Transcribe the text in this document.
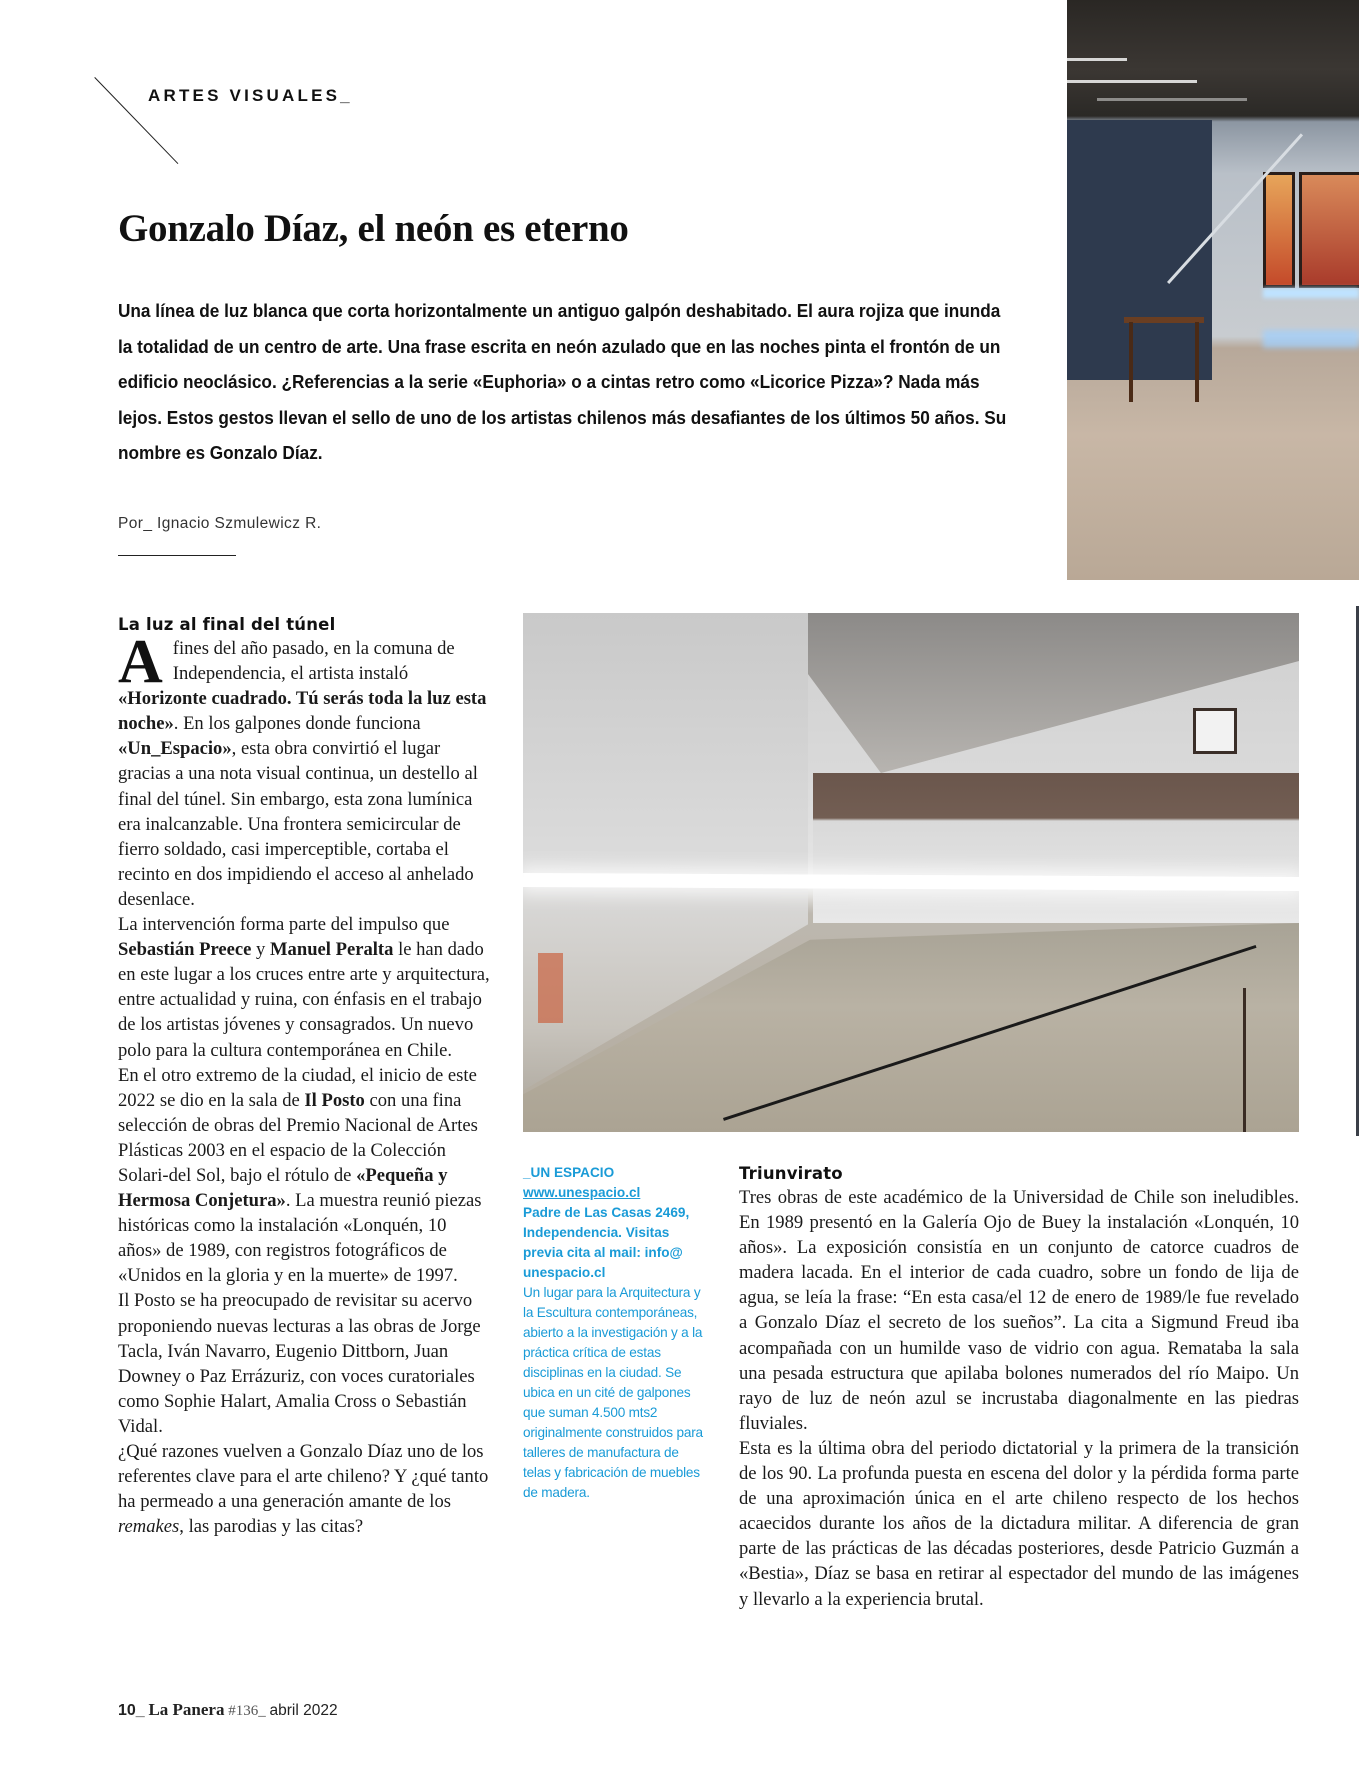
ARTES VISUALES_
Gonzalo Díaz, el neón es eterno
Una línea de luz blanca que corta horizontalmente un antiguo galpón deshabitado. El aura rojiza que inunda la totalidad de un centro de arte. Una frase escrita en neón azulado que en las noches pinta el frontón de un edificio neoclásico. ¿Referencias a la serie «Euphoria» o a cintas retro como «Licorice Pizza»? Nada más lejos. Estos gestos llevan el sello de uno de los artistas chilenos más desafiantes de los últimos 50 años. Su nombre es Gonzalo Díaz.
Por_ Ignacio Szmulewicz R.
La luz al final del túnel

A fines del año pasado, en la comuna de Independencia, el artista instaló «Horizonte cuadrado. Tú serás toda la luz esta noche». En los galpones donde funciona «Un_Espacio», esta obra convirtió el lugar gracias a una nota visual continua, un destello al final del túnel. Sin embargo, esta zona lumínica era inalcanzable. Una frontera semicircular de fierro soldado, casi imperceptible, cortaba el recinto en dos impidiendo el acceso al anhelado desenlace.

La intervención forma parte del impulso que Sebastián Preece y Manuel Peralta le han dado en este lugar a los cruces entre arte y arquitectura, entre actualidad y ruina, con énfasis en el trabajo de los artistas jóvenes y consagrados. Un nuevo polo para la cultura contemporánea en Chile.

En el otro extremo de la ciudad, el inicio de este 2022 se dio en la sala de Il Posto con una fina selección de obras del Premio Nacional de Artes Plásticas 2003 en el espacio de la Colección Solari-del Sol, bajo el rótulo de «Pequeña y Hermosa Conjetura». La muestra reunió piezas históricas como la instalación «Lonquén, 10 años» de 1989, con registros fotográficos de «Unidos en la gloria y en la muerte» de 1997.

Il Posto se ha preocupado de revisitar su acervo proponiendo nuevas lecturas a las obras de Jorge Tacla, Iván Navarro, Eugenio Dittborn, Juan Downey o Paz Errázuriz, con voces curatoriales como Sophie Halart, Amalia Cross o Sebastián Vidal.

¿Qué razones vuelven a Gonzalo Díaz uno de los referentes clave para el arte chileno? Y ¿qué tanto ha permeado a una generación amante de los remakes, las parodias y las citas?

_UN ESPACIO
www.unespacio.cl
Padre de Las Casas 2469, Independencia. Visitas previa cita al mail: info@ unespacio.cl
Un lugar para la Arquitectura y la Escultura contemporáneas, abierto a la investigación y a la práctica crítica de estas disciplinas en la ciudad. Se ubica en un cité de galpones que suman 4.500 mts2 originalmente construidos para talleres de manufactura de telas y fabricación de muebles de madera.
Triunvirato

Tres obras de este académico de la Universidad de Chile son ineludibles. En 1989 presentó en la Galería Ojo de Buey la instalación «Lonquén, 10 años». La exposición consistía en un conjunto de catorce cuadros de madera lacada. En el interior de cada cuadro, sobre un fondo de lija de agua, se leía la frase: “En esta casa/el 12 de enero de 1989/le fue revelado a Gonzalo Díaz el secreto de los sueños”. La cita a Sigmund Freud iba acompañada con un humilde vaso de vidrio con agua. Remataba la sala una pesada estructura que apilaba bolones numerados del río Maipo. Un rayo de luz de neón azul se incrustaba diagonalmente en las piedras fluviales.

Esta es la última obra del periodo dictatorial y la primera de la transición de los 90. La profunda puesta en escena del dolor y la pérdida forma parte de una aproximación única en el arte chileno respecto de los hechos acaecidos durante los años de la dictadura militar. A diferencia de gran parte de las prácticas de las décadas posteriores, desde Patricio Guzmán a «Bestia», Díaz se basa en retirar al espectador del mundo de las imágenes y llevarlo a la experiencia brutal.

10_ La Panera #136_ abril 2022
